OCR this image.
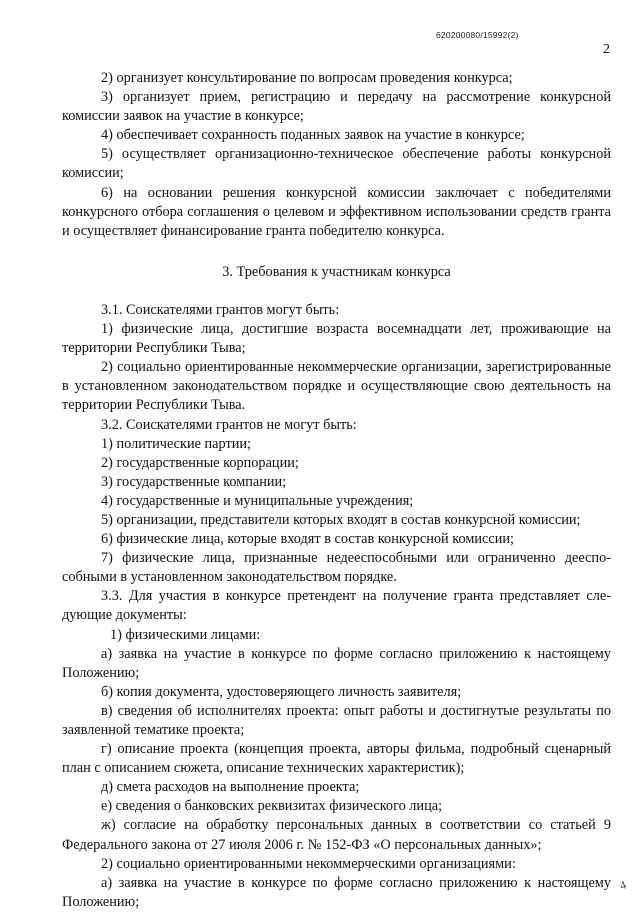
620200080/15992(2)
2

2) организует консультирование по вопросам проведения конкурса;

3) организует прием, регистрацию и передачу на рассмотрение конкурсной комиссии заявок на участие в конкурсе;

4) обеспечивает сохранность поданных заявок на участие в конкурсе;

5) осуществляет организационно-техническое обеспечение работы конкурсной комиссии;

6) на основании решения конкурсной комиссии заключает с победителями конкурсного отбора соглашения о целевом и эффективном использовании средств гранта и осуществляет финансирование гранта победителю конкурса.

3. Требования к участникам конкурса

3.1. Соискателями грантов могут быть:

1) физические лица, достигшие возраста восемнадцати лет, проживающие на территории Республики Тыва;

2) социально ориентированные некоммерческие организации, зарегистрированные в установленном законодательством порядке и осуществляющие свою деятельность на территории Республики Тыва.

3.2. Соискателями грантов не могут быть:

1) политические партии;

2) государственные корпорации;

3) государственные компании;

4) государственные и муниципальные учреждения;

5) организации, представители которых входят в состав конкурсной комиссии;

6) физические лица, которые входят в состав конкурсной комиссии;

7) физические лица, признанные недееспособными или ограниченно дееспособными в установленном законодательством порядке.

3.3. Для участия в конкурсе претендент на получение гранта представляет следующие документы:

1) физическими лицами:

а) заявка на участие в конкурсе по форме согласно приложению к настоящему Положению;

б) копия документа, удостоверяющего личность заявителя;

в) сведения об исполнителях проекта: опыт работы и достигнутые результаты по заявленной тематике проекта;

г) описание проекта (концепция проекта, авторы фильма, подробный сценарный план с описанием сюжета, описание технических характеристик);

д) смета расходов на выполнение проекта;

е) сведения о банковских реквизитах физического лица;

ж) согласие на обработку персональных данных в соответствии со статьей 9 Федерального закона от 27 июля 2006 г. № 152-ФЗ «О персональных данных»;

2) социально ориентированными некоммерческими организациями:

а) заявка на участие в конкурсе по форме согласно приложению к настоящему Положению;

4
